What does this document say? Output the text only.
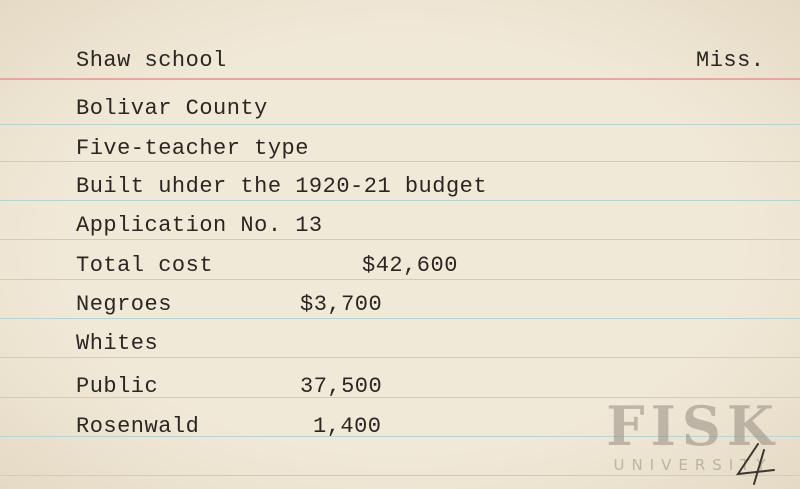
Shaw school	Miss.
Bolivar County
Five-teacher type
Built uhder the 1920-21 budget
Application No. 13
Total cost	$42,600
Negroes	$3,700
Whites
Public	37,500
Rosenwald	1,400	FISK
UNIVERSITY
